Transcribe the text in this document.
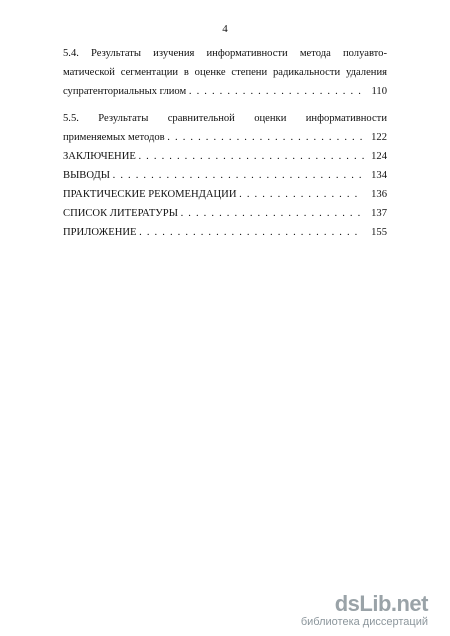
4
5.4. Результаты изучения информативности метода полуавто-
матической сегментации в оценке степени радикальности удаления
супратенториальных глиом . . . . . . . . . . . . . . . . . . . . . . . 110
5.5. Результаты сравнительной оценки информативности
применяемых методов . . . . . . . . . . . . . . . . . . . . . . . . . . 122
ЗАКЛЮЧЕНИЕ . . . . . . . . . . . . . . . . . . . . . . . . . . . . . . 124
ВЫВОДЫ . . . . . . . . . . . . . . . . . . . . . . . . . . . . . . . . . 134
ПРАКТИЧЕСКИЕ РЕКОМЕНДАЦИИ . . . . . . . . . . . . . . . . 136
СПИСОК ЛИТЕРАТУРЫ . . . . . . . . . . . . . . . . . . . . . . . . 137
ПРИЛОЖЕНИЕ . . . . . . . . . . . . . . . . . . . . . . . . . . . . . 155
dsLib.net
библиотека диссертаций
